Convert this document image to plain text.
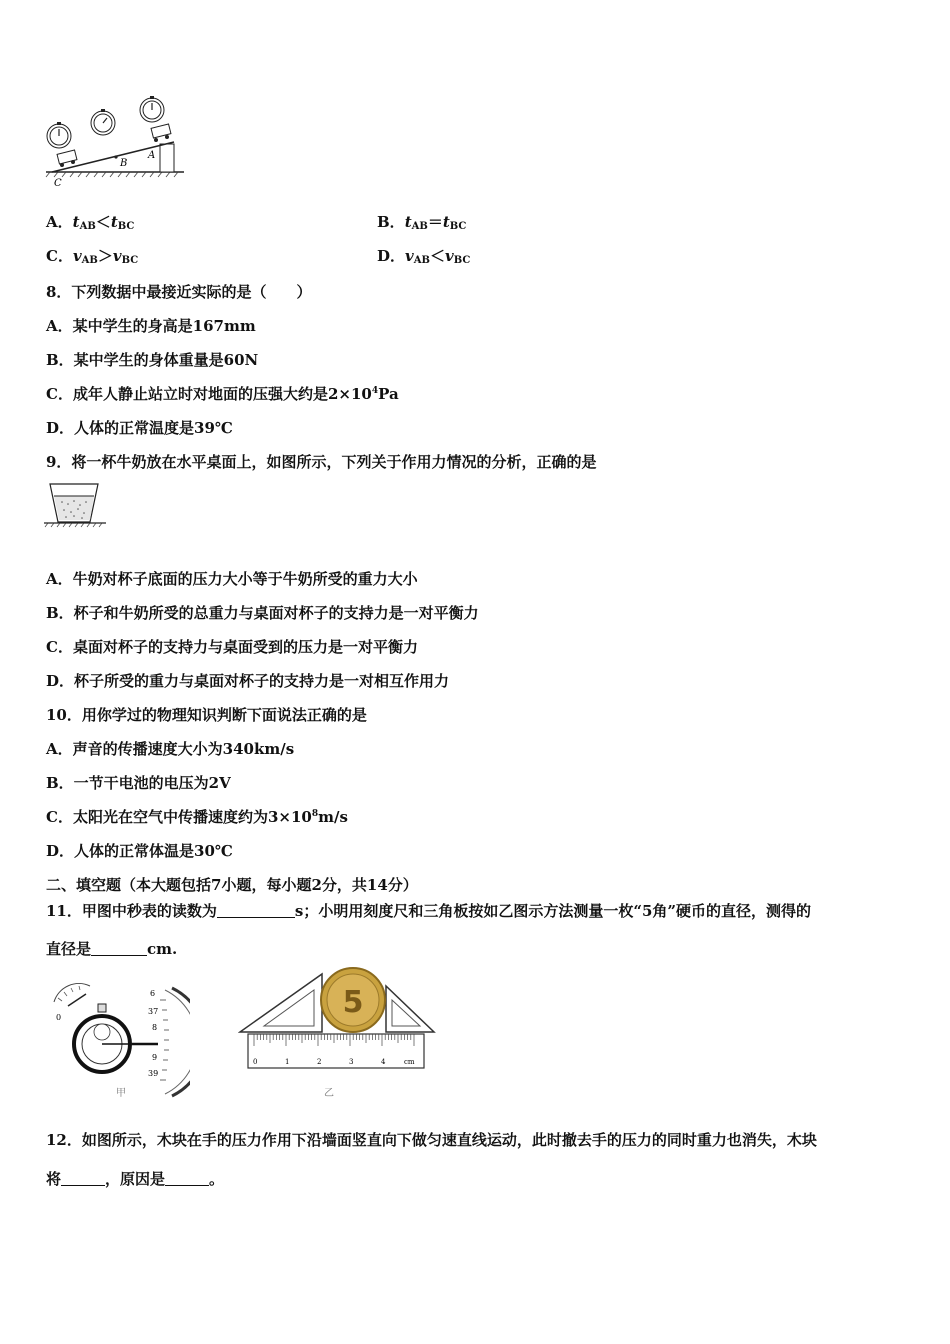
B
A
C
A．$t_{AB}<t_{BC}$	B．$t_{AB}=t_{BC}$
C．$v_{AB}>v_{BC}$	D．$v_{AB}<v_{BC}$
8．下列数据中最接近实际的是（　　）
A．某中学生的身高是167mm
B．某中学生的身体重量是60N
C．成年人静止站立时对地面的压强大约是$2\times 10^4Pa$
D．人体的正常温度是39℃
9．将一杯牛奶放在水平桌面上，如图所示，下列关于作用力情况的分析，正确的是
A．牛奶对杯子底面的压力大小等于牛奶所受的重力大小
B．杯子和牛奶所受的总重力与桌面对杯子的支持力是一对平衡力
C．桌面对杯子的支持力与桌面受到的压力是一对平衡力
D．杯子所受的重力与桌面对杯子的支持力是一对相互作用力
10．用你学过的物理知识判断下面说法正确的是
A．声音的传播速度大小为340km/s
B．一节干电池的电压为2V
C．太阳光在空气中传播速度约为$3\times 10^8m/s$
D．人体的正常体温是30℃
二、填空题（本大题包括7小题，每小题2分，共14分）
11．甲图中秒表的读数为	s；小明用刻度尺和三角板按如乙图示方法测量一枚“5角”硬币的直径，测得的
直径是	cm.
6
37
8
9
39
0
甲
5
0	1	2	3	4	cm
乙
12．如图所示，木块在手的压力作用下沿墙面竖直向下做匀速直线运动，此时撤去手的压力的同时重力也消失，木块
将	，原因是	。
